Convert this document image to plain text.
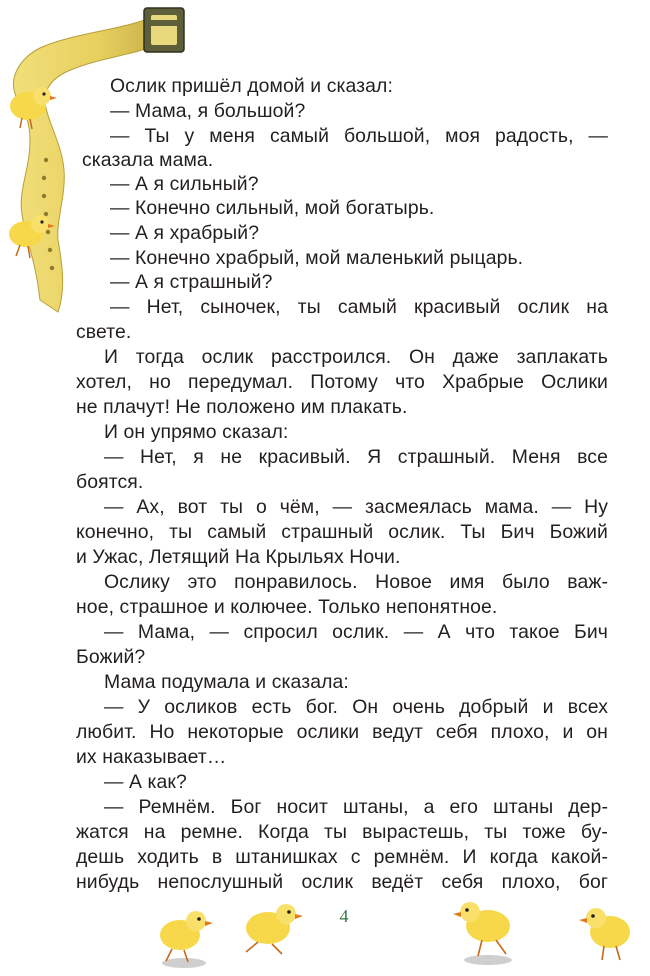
Ослик пришёл домой и сказал:

— Мама, я большой?

— Ты у меня самый большой, моя радость, —

сказала мама.

— А я сильный?

— Конечно сильный, мой богатырь.

— А я храбрый?

— Конечно храбрый, мой маленький рыцарь.

— А я страшный?

— Нет, сыночек, ты самый красивый ослик на

свете.

И тогда ослик расстроился. Он даже заплакать

хотел, но передумал. Потому что Храбрые Ослики

не плачут! Не положено им плакать.

И он упрямо сказал:

— Нет, я не красивый. Я страшный. Меня все

боятся.

— Ах, вот ты о чём, — засмеялась мама. — Ну

конечно, ты самый страшный ослик. Ты Бич Божий

и Ужас, Летящий На Крыльях Ночи.

Ослику это понравилось. Новое имя было важ-

ное, страшное и колючее. Только непонятное.

— Мама, — спросил ослик. — А что такое Бич

Божий?

Мама подумала и сказала:

— У осликов есть бог. Он очень добрый и всех

любит. Но некоторые ослики ведут себя плохо, и он

их наказывает…

— А как?

— Ремнём. Бог носит штаны, а его штаны дер-

жатся на ремне. Когда ты вырастешь, ты тоже бу-

дешь ходить в штанишках с ремнём. И когда какой-

нибудь непослушный ослик ведёт себя плохо, бог

4
